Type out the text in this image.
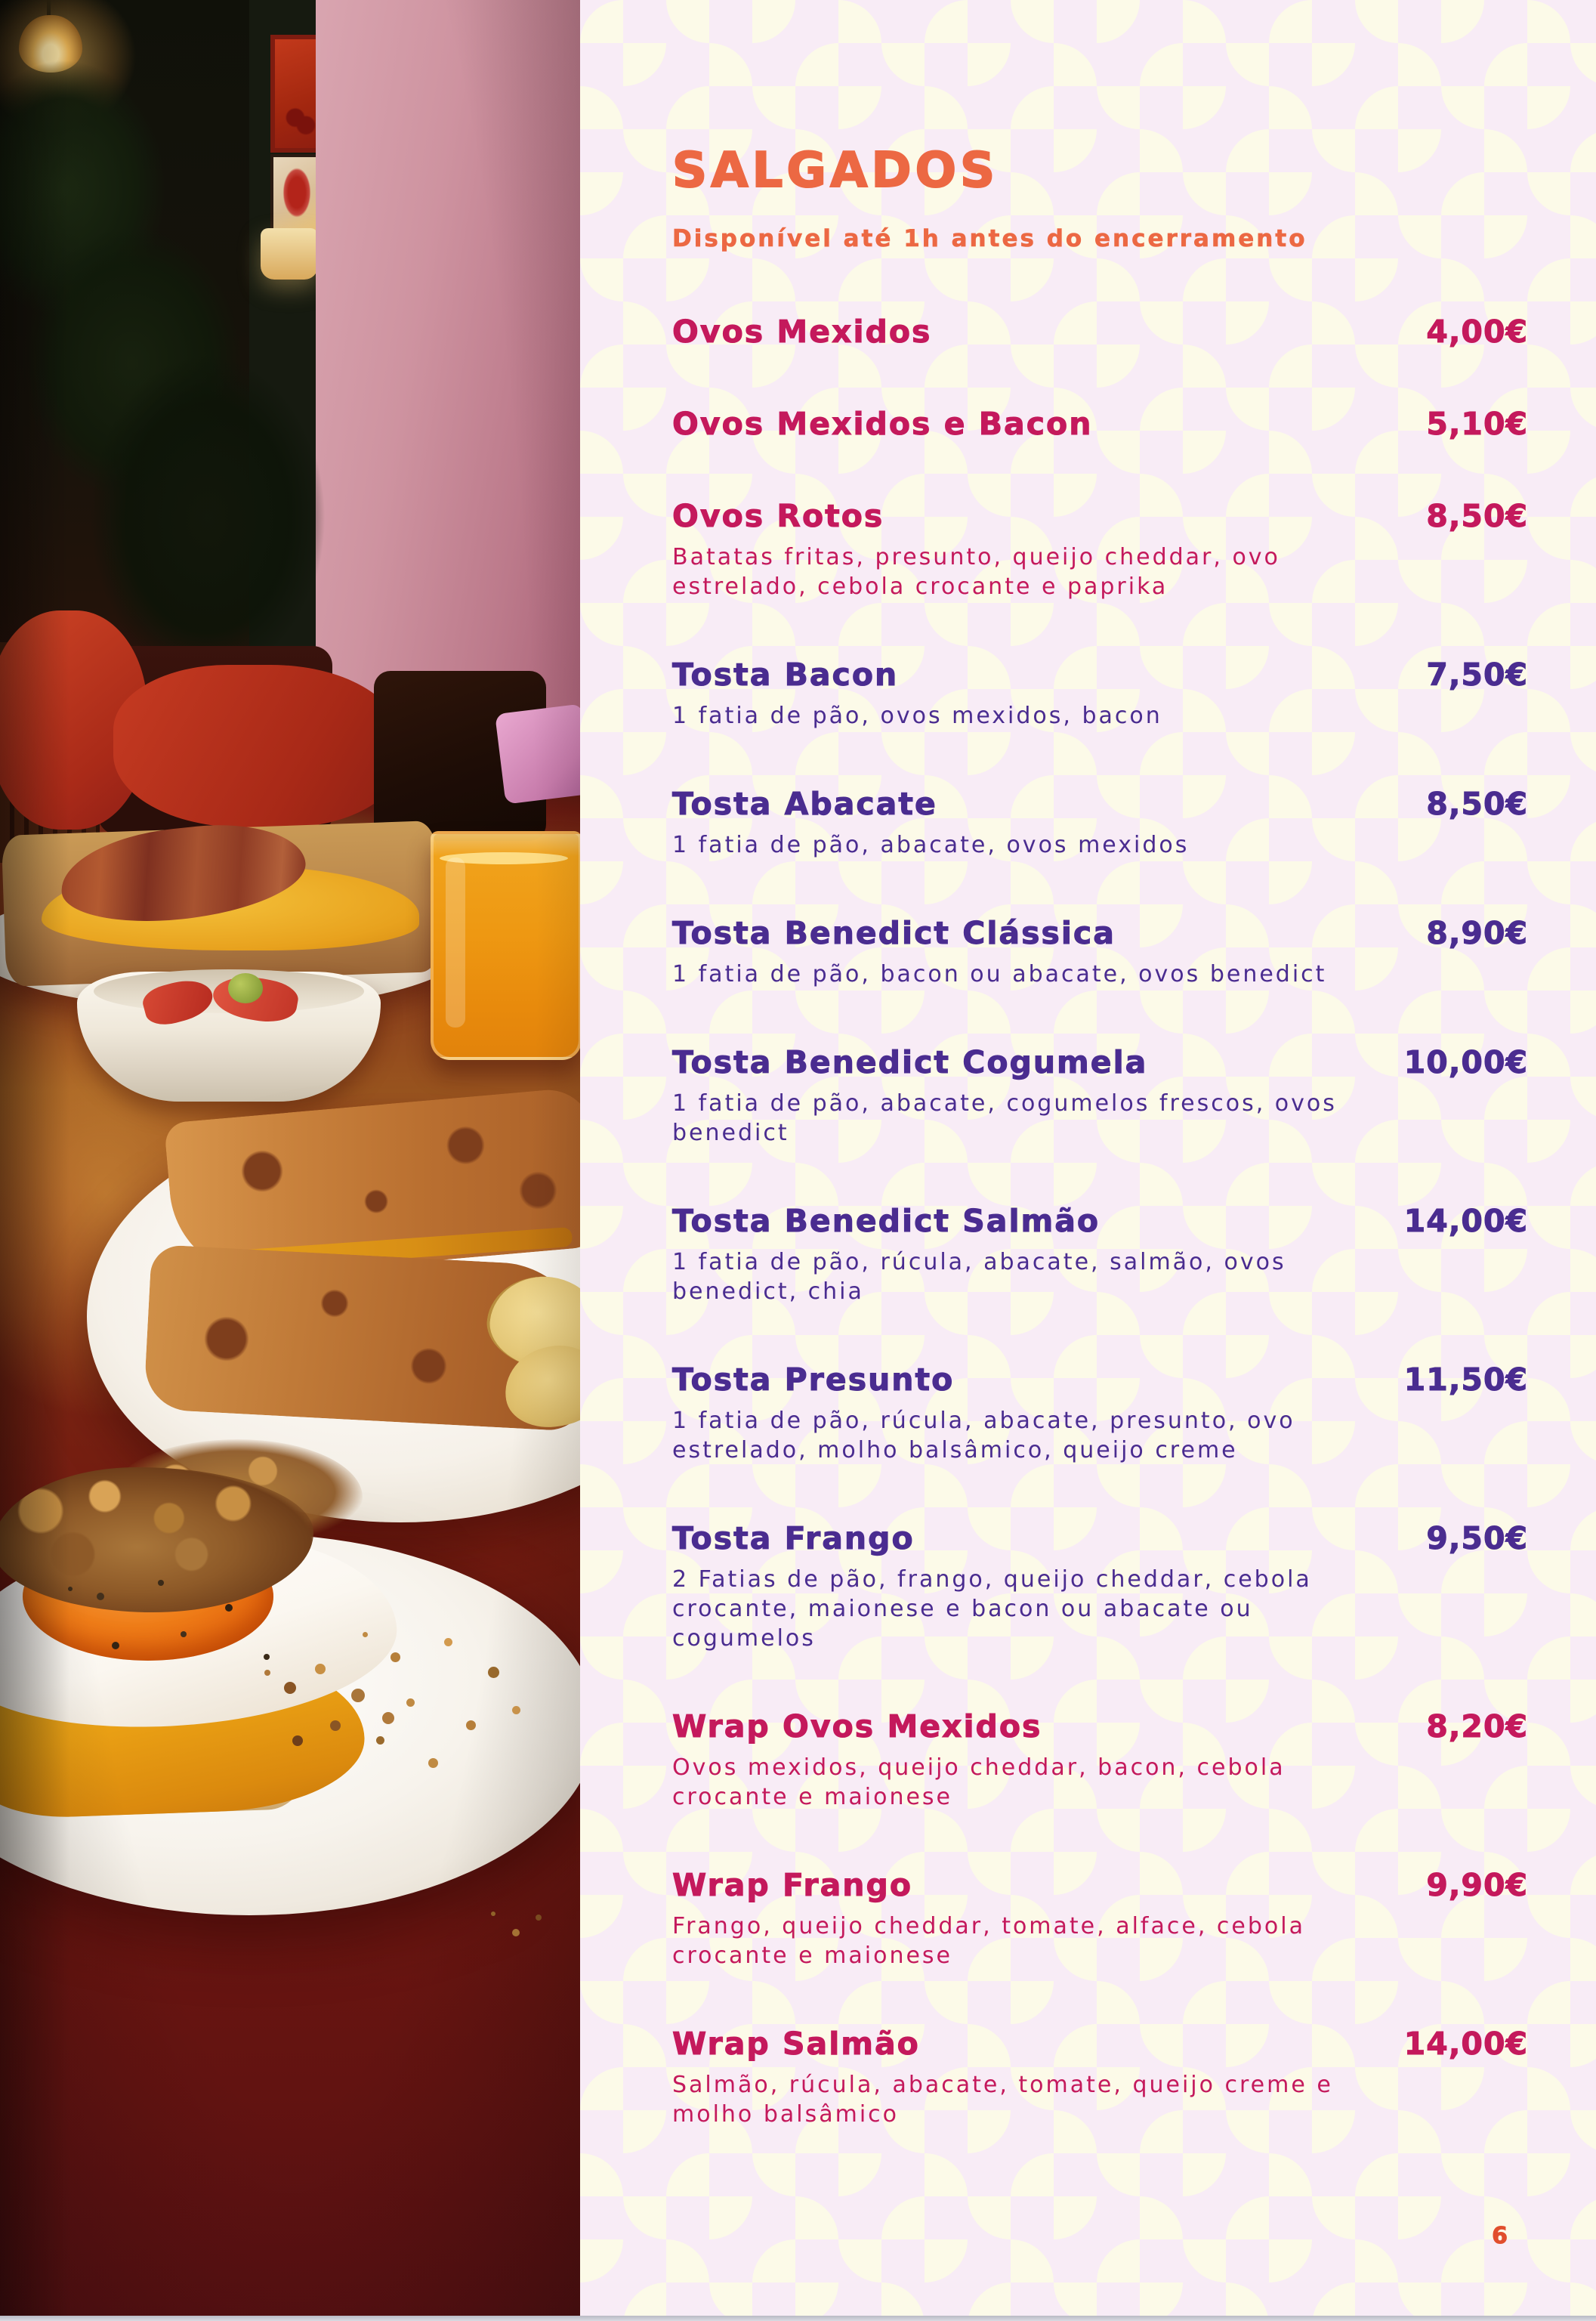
SALGADOS

Disponível até 1h antes do encerramento

Ovos Mexidos	4,00€
Ovos Mexidos e Bacon	5,10€
Ovos Rotos	8,50€

Batatas fritas, presunto, queijo cheddar, ovo estrelado, cebola crocante e paprika

Tosta Bacon	7,50€

1 fatia de pão, ovos mexidos, bacon

Tosta Abacate	8,50€

1 fatia de pão, abacate, ovos mexidos

Tosta Benedict Clássica	8,90€

1 fatia de pão, bacon ou abacate, ovos benedict

Tosta Benedict Cogumela	10,00€

1 fatia de pão, abacate, cogumelos frescos, ovos benedict

Tosta Benedict Salmão	14,00€

1 fatia de pão, rúcula, abacate, salmão, ovos benedict, chia

Tosta Presunto	11,50€

1 fatia de pão, rúcula, abacate, presunto, ovo estrelado, molho balsâmico, queijo creme

Tosta Frango	9,50€

2 Fatias de pão, frango, queijo cheddar, cebola crocante, maionese e bacon ou abacate ou cogumelos

Wrap Ovos Mexidos	8,20€

Ovos mexidos, queijo cheddar, bacon, cebola crocante e maionese

Wrap Frango	9,90€

Frango, queijo cheddar, tomate, alface, cebola crocante e maionese

Wrap Salmão	14,00€

Salmão, rúcula, abacate, tomate, queijo creme e molho balsâmico

6
